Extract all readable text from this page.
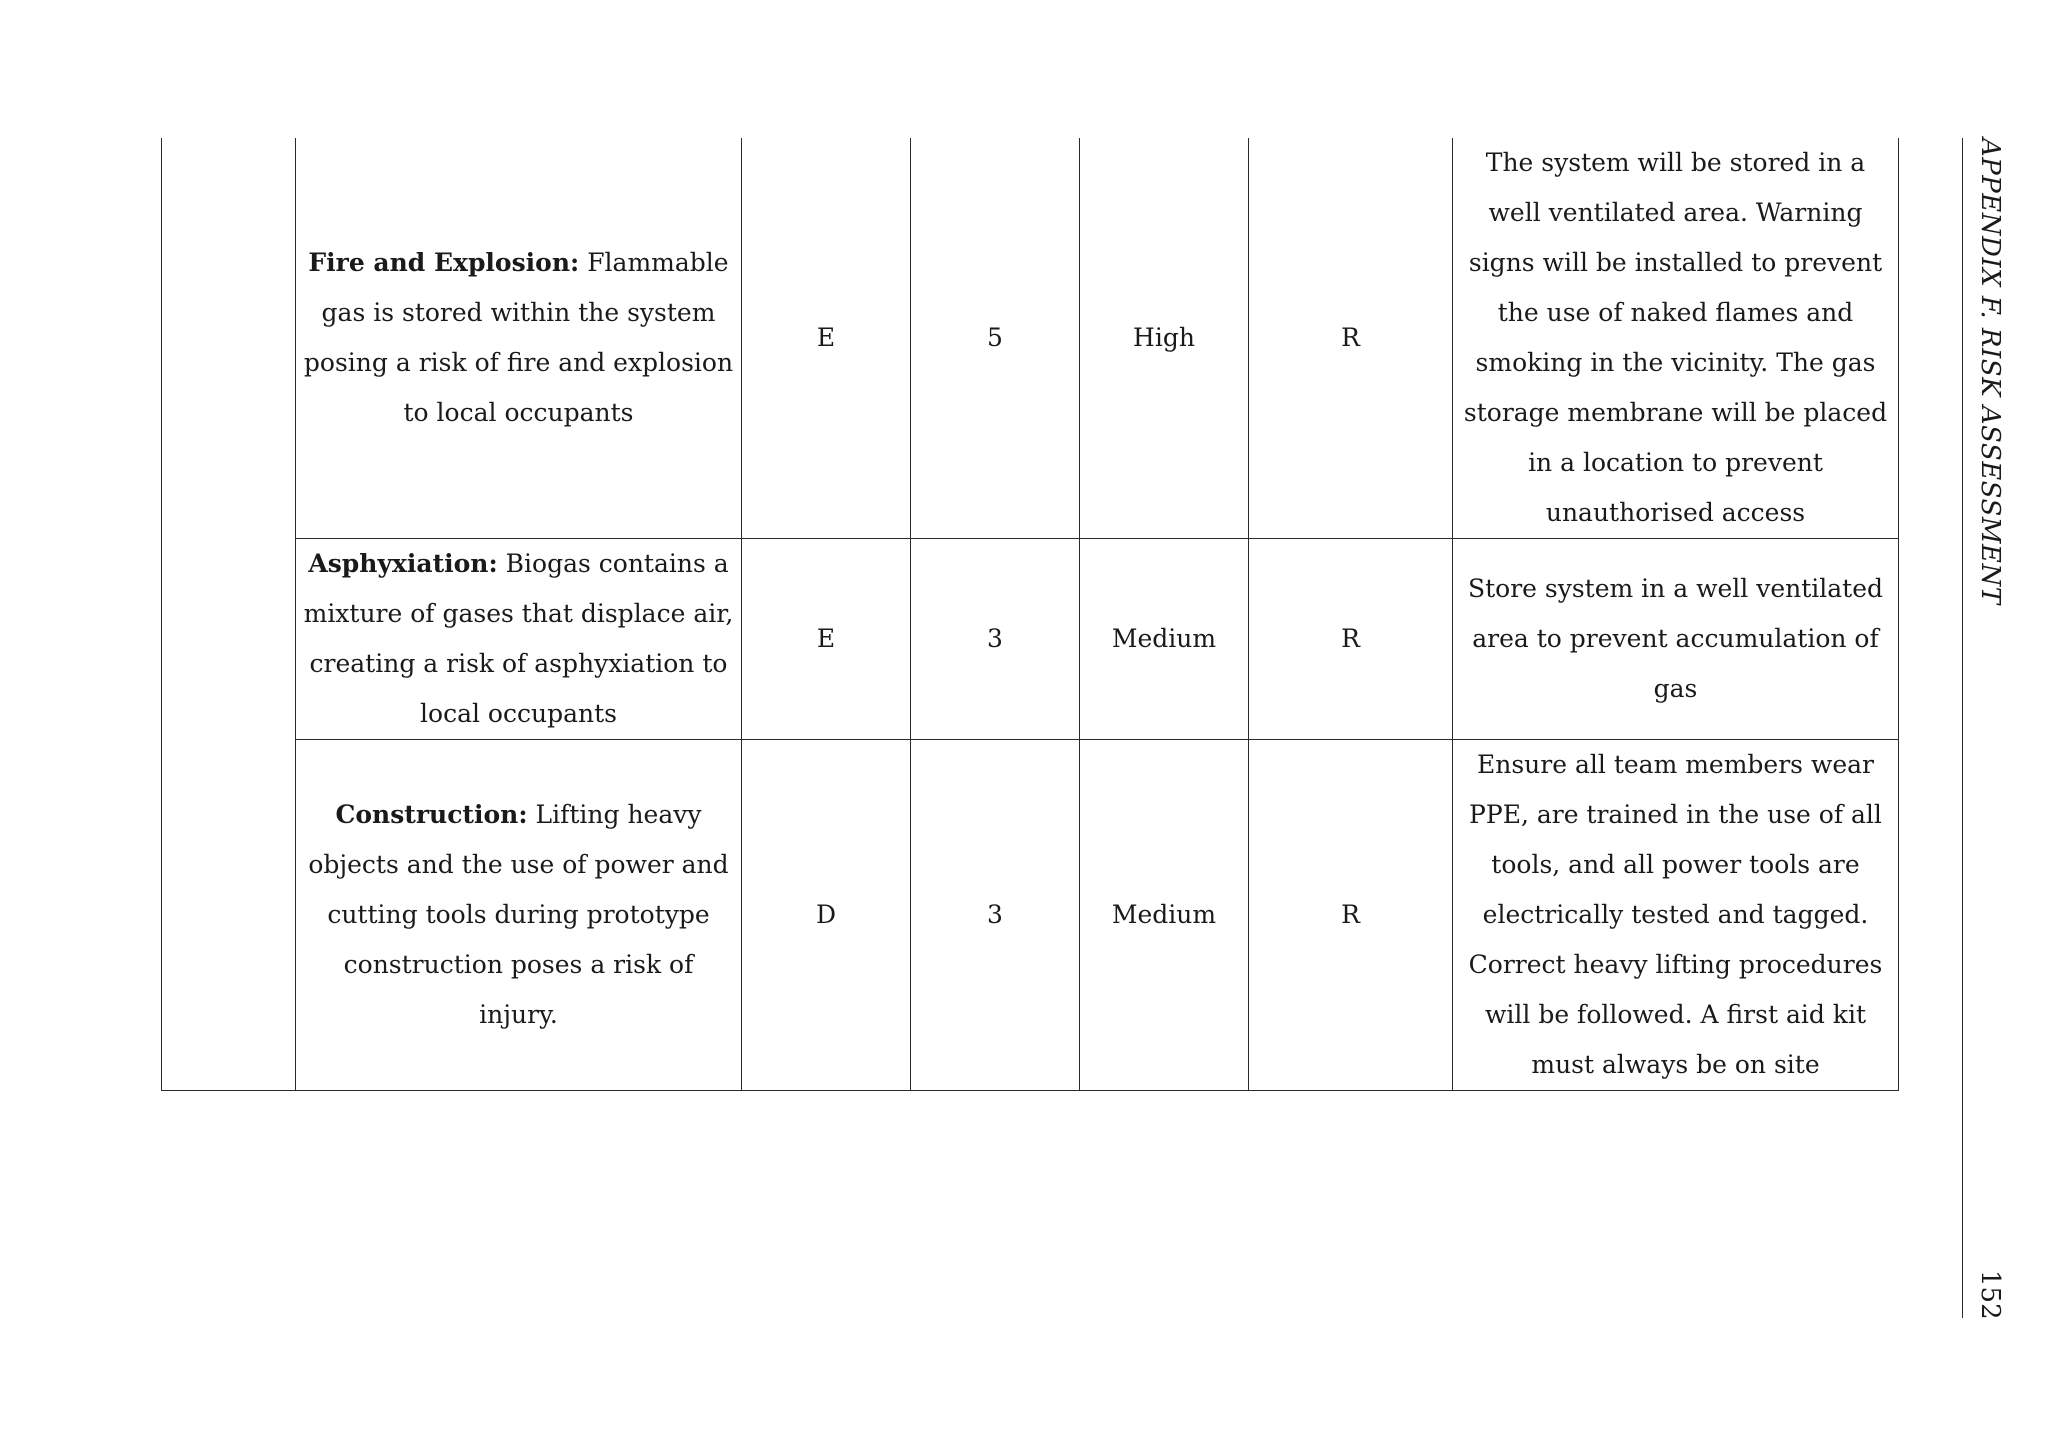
	Fire and Explosion: Flammable gas is stored within the system posing a risk of fire and explosion to local occupants	E	5	High	R	The system will be stored in a well ventilated area. Warning signs will be installed to prevent the use of naked flames and smoking in the vicinity. The gas storage membrane will be placed in a location to prevent unauthorised access
	Asphyxiation: Biogas contains a mixture of gases that displace air, creating a risk of asphyxiation to local occupants	E	3	Medium	R	Store system in a well ventilated area to prevent accumulation of gas
	Construction: Lifting heavy objects and the use of power and cutting tools during prototype construction poses a risk of injury.	D	3	Medium	R	Ensure all team members wear PPE, are trained in the use of all tools, and all power tools are electrically tested and tagged. Correct heavy lifting procedures will be followed. A first aid kit must always be on site
APPENDIX F. RISK ASSESSMENT
152
